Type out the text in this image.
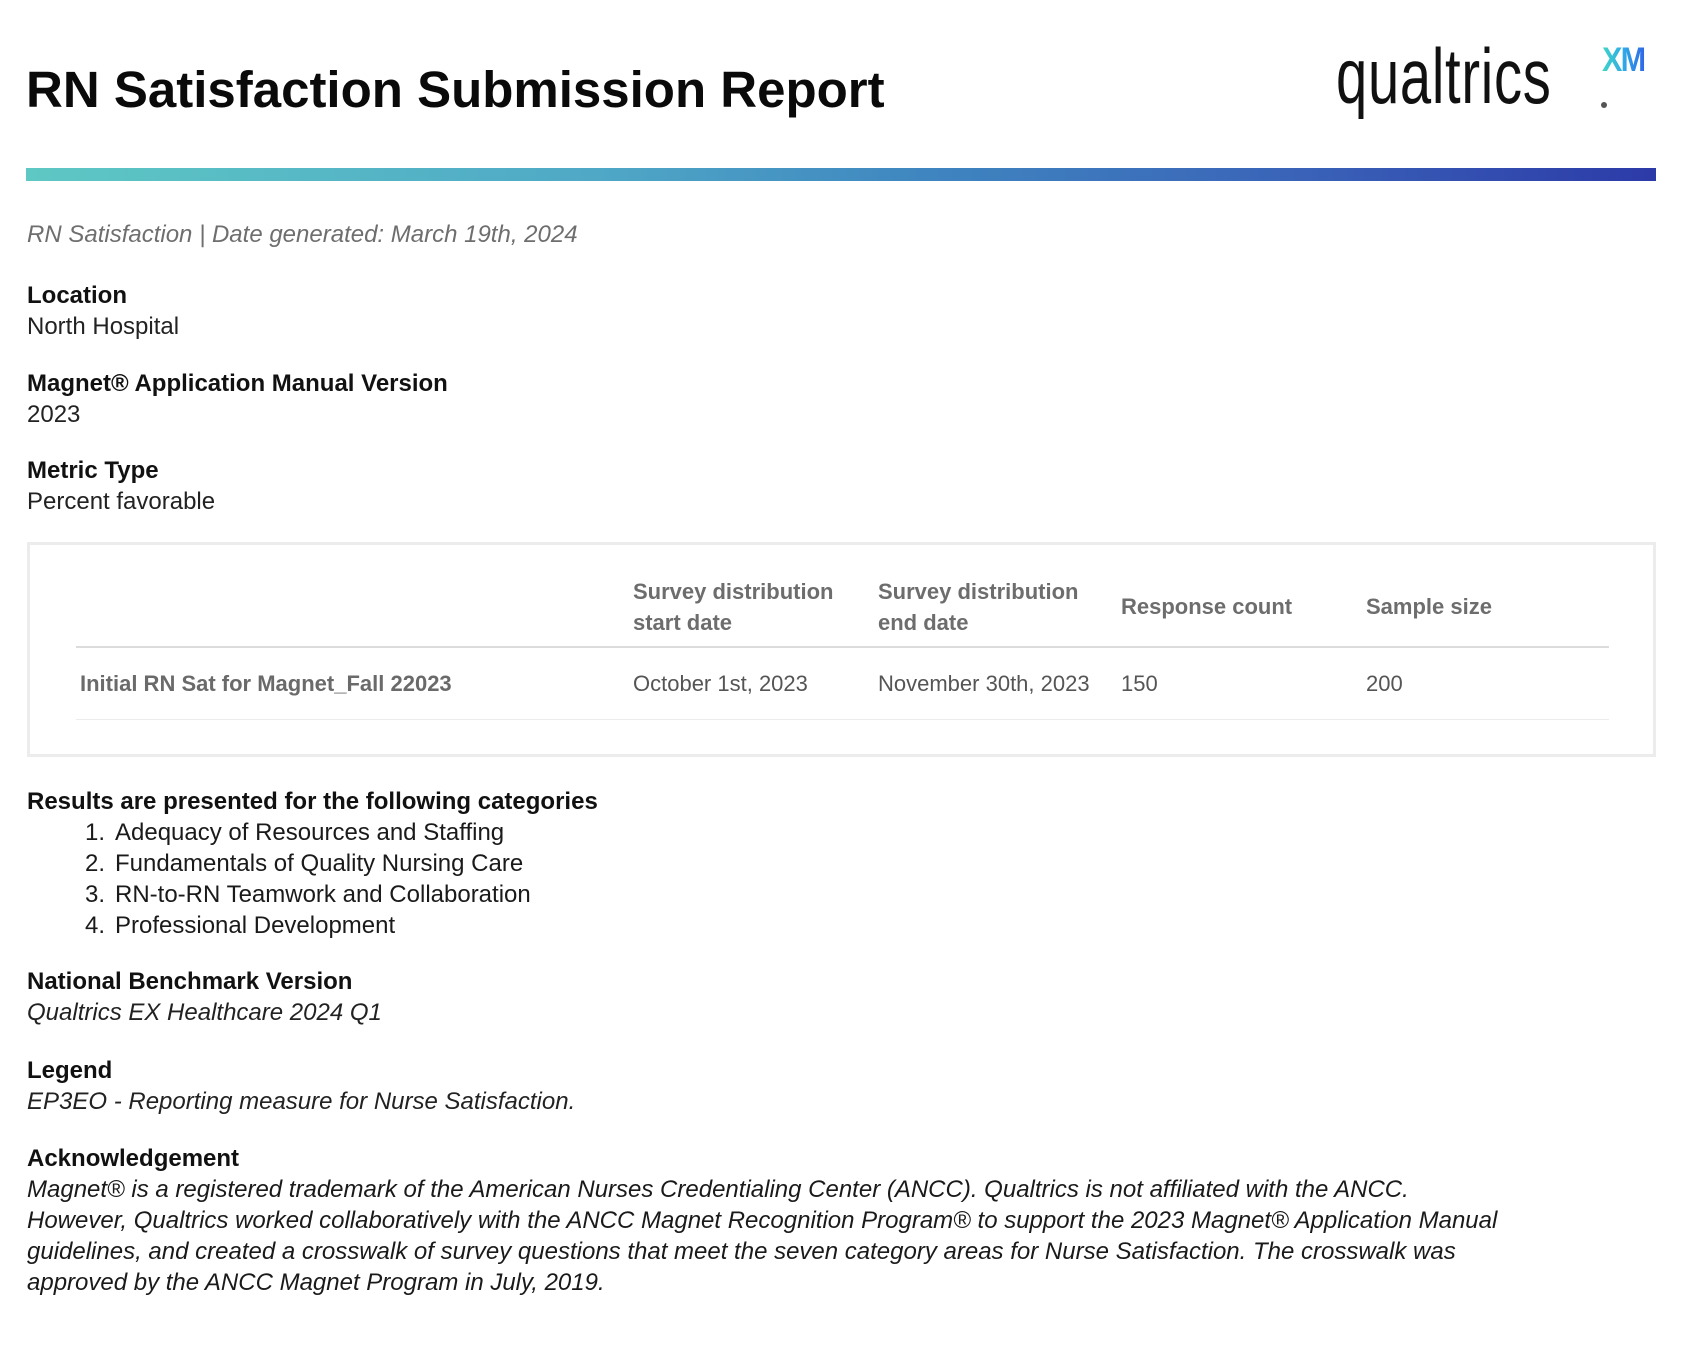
RN Satisfaction Submission Report	qualtrics XM
RN Satisfaction | Date generated: March 19th, 2024
Location
North Hospital
Magnet® Application Manual Version
2023
Metric Type
Percent favorable
	Survey distribution start date	Survey distribution end date	Response count	Sample size
Initial RN Sat for Magnet_Fall 22023	October 1st, 2023	November 30th, 2023	150	200
Results are presented for the following categories
1. Adequacy of Resources and Staffing
2. Fundamentals of Quality Nursing Care
3. RN-to-RN Teamwork and Collaboration
4. Professional Development
National Benchmark Version
Qualtrics EX Healthcare 2024 Q1
Legend
EP3EO - Reporting measure for Nurse Satisfaction.
Acknowledgement
Magnet® is a registered trademark of the American Nurses Credentialing Center (ANCC). Qualtrics is not affiliated with the ANCC.
However, Qualtrics worked collaboratively with the ANCC Magnet Recognition Program® to support the 2023 Magnet® Application Manual
guidelines, and created a crosswalk of survey questions that meet the seven category areas for Nurse Satisfaction. The crosswalk was
approved by the ANCC Magnet Program in July, 2019.
